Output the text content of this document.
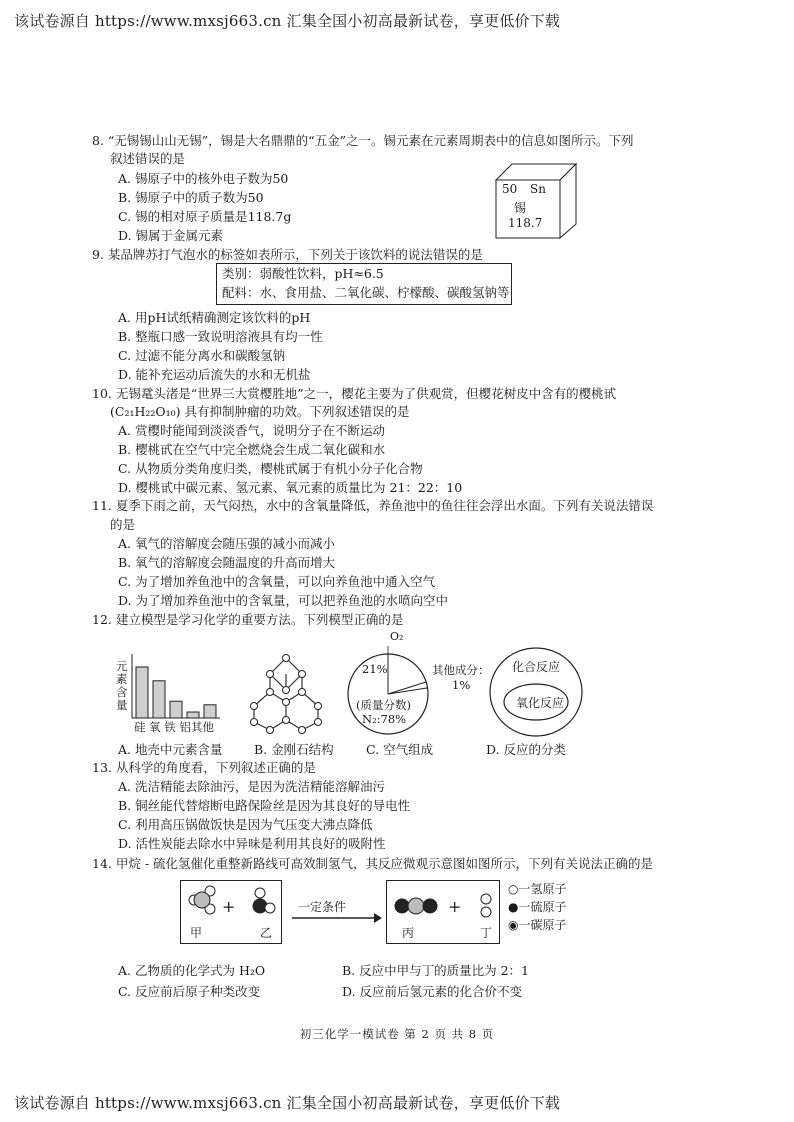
该试卷源自 https://www.mxsj663.cn 汇集全国小初高最新试卷，享更低价下载
8. “无锡锡山山无锡”，锡是大名鼎鼎的“五金”之一。锡元素在元素周期表中的信息如图所示。下列
叙述错误的是
A. 锡原子中的核外电子数为50
B. 锡原子中的质子数为50
C. 锡的相对原子质量是118.7g
D. 锡属于金属元素
50 Sn
锡
118.7
9. 某品牌苏打气泡水的标签如表所示，下列关于该饮料的说法错误的是
类别：弱酸性饮料，pH≈6.5
配料：水、食用盐、二氧化碳、柠檬酸、碳酸氢钠等
A. 用pH试纸精确测定该饮料的pH
B. 整瓶口感一致说明溶液具有均一性
C. 过滤不能分离水和碳酸氢钠
D. 能补充运动后流失的水和无机盐
10. 无锡鼋头渚是“世界三大赏樱胜地”之一，樱花主要为了供观赏，但樱花树皮中含有的樱桃甙
(C₂₁H₂₂O₁₀) 具有抑制肿瘤的功效。下列叙述错误的是
A. 赏樱时能闻到淡淡香气，说明分子在不断运动
B. 樱桃甙在空气中完全燃烧会生成二氧化碳和水
C. 从物质分类角度归类，樱桃甙属于有机小分子化合物
D. 樱桃甙中碳元素、氢元素、氧元素的质量比为 21：22：10
11. 夏季下雨之前，天气闷热，水中的含氧量降低，养鱼池中的鱼往往会浮出水面。下列有关说法错误
的是
A. 氧气的溶解度会随压强的减小而减小
B. 氧气的溶解度会随温度的升高而增大
C. 为了增加养鱼池中的含氧量，可以向养鱼池中通入空气
D. 为了增加养鱼池中的含氧量，可以把养鱼池的水喷向空中
12. 建立模型是学习化学的重要方法。下列模型正确的是
元素含量
硅 氧 铁 铝其他
O₂
21%	其他成分：
1%
(质量分数)
N₂:78%
化合反应
氧化反应
A. 地壳中元素含量	B. 金刚石结构	C. 空气组成	D. 反应的分类
13. 从科学的角度看，下列叙述正确的是
A. 洗洁精能去除油污，是因为洗洁精能溶解油污
B. 铜丝能代替熔断电路保险丝是因为其良好的导电性
C. 利用高压锅做饭快是因为气压变大沸点降低
D. 活性炭能去除水中异味是利用其良好的吸附性
14. 甲烷 - 硫化氢催化重整新路线可高效制氢气，其反应微观示意图如图所示，下列有关说法正确的是
+
甲	乙
一定条件	+
丙	丁
○一氢原子
●一硫原子
◉一碳原子
A. 乙物质的化学式为 H₂O	B. 反应中甲与丁的质量比为 2：1
C. 反应前后原子种类改变	D. 反应前后氢元素的化合价不变
初三化学一模试卷 第 2 页 共 8 页
该试卷源自 https://www.mxsj663.cn 汇集全国小初高最新试卷，享更低价下载
